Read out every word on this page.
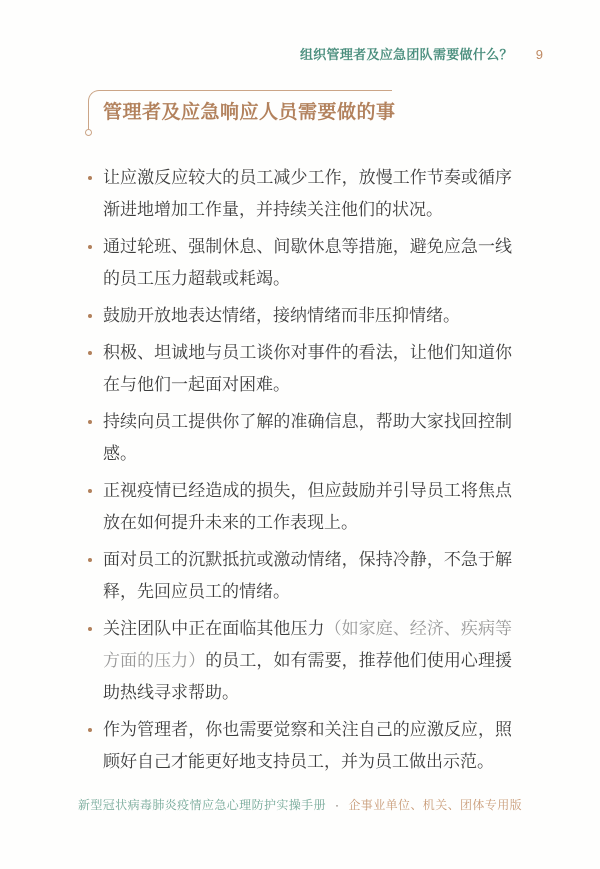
组织管理者及应急团队需要做什么？ 9
管理者及应急响应人员需要做的事
让应激反应较大的员工减少工作，放慢工作节奏或循序渐进地增加工作量，并持续关注他们的状况。
通过轮班、强制休息、间歇休息等措施，避免应急一线的员工压力超载或耗竭。
鼓励开放地表达情绪，接纳情绪而非压抑情绪。
积极、坦诚地与员工谈你对事件的看法，让他们知道你在与他们一起面对困难。
持续向员工提供你了解的准确信息，帮助大家找回控制感。
正视疫情已经造成的损失，但应鼓励并引导员工将焦点放在如何提升未来的工作表现上。
面对员工的沉默抵抗或激动情绪，保持冷静，不急于解释，先回应员工的情绪。
关注团队中正在面临其他压力（如家庭、经济、疾病等方面的压力）的员工，如有需要，推荐他们使用心理援助热线寻求帮助。
作为管理者，你也需要觉察和关注自己的应激反应，照顾好自己才能更好地支持员工，并为员工做出示范。
新型冠状病毒肺炎疫情应急心理防护实操手册 · 企事业单位、机关、团体专用版
